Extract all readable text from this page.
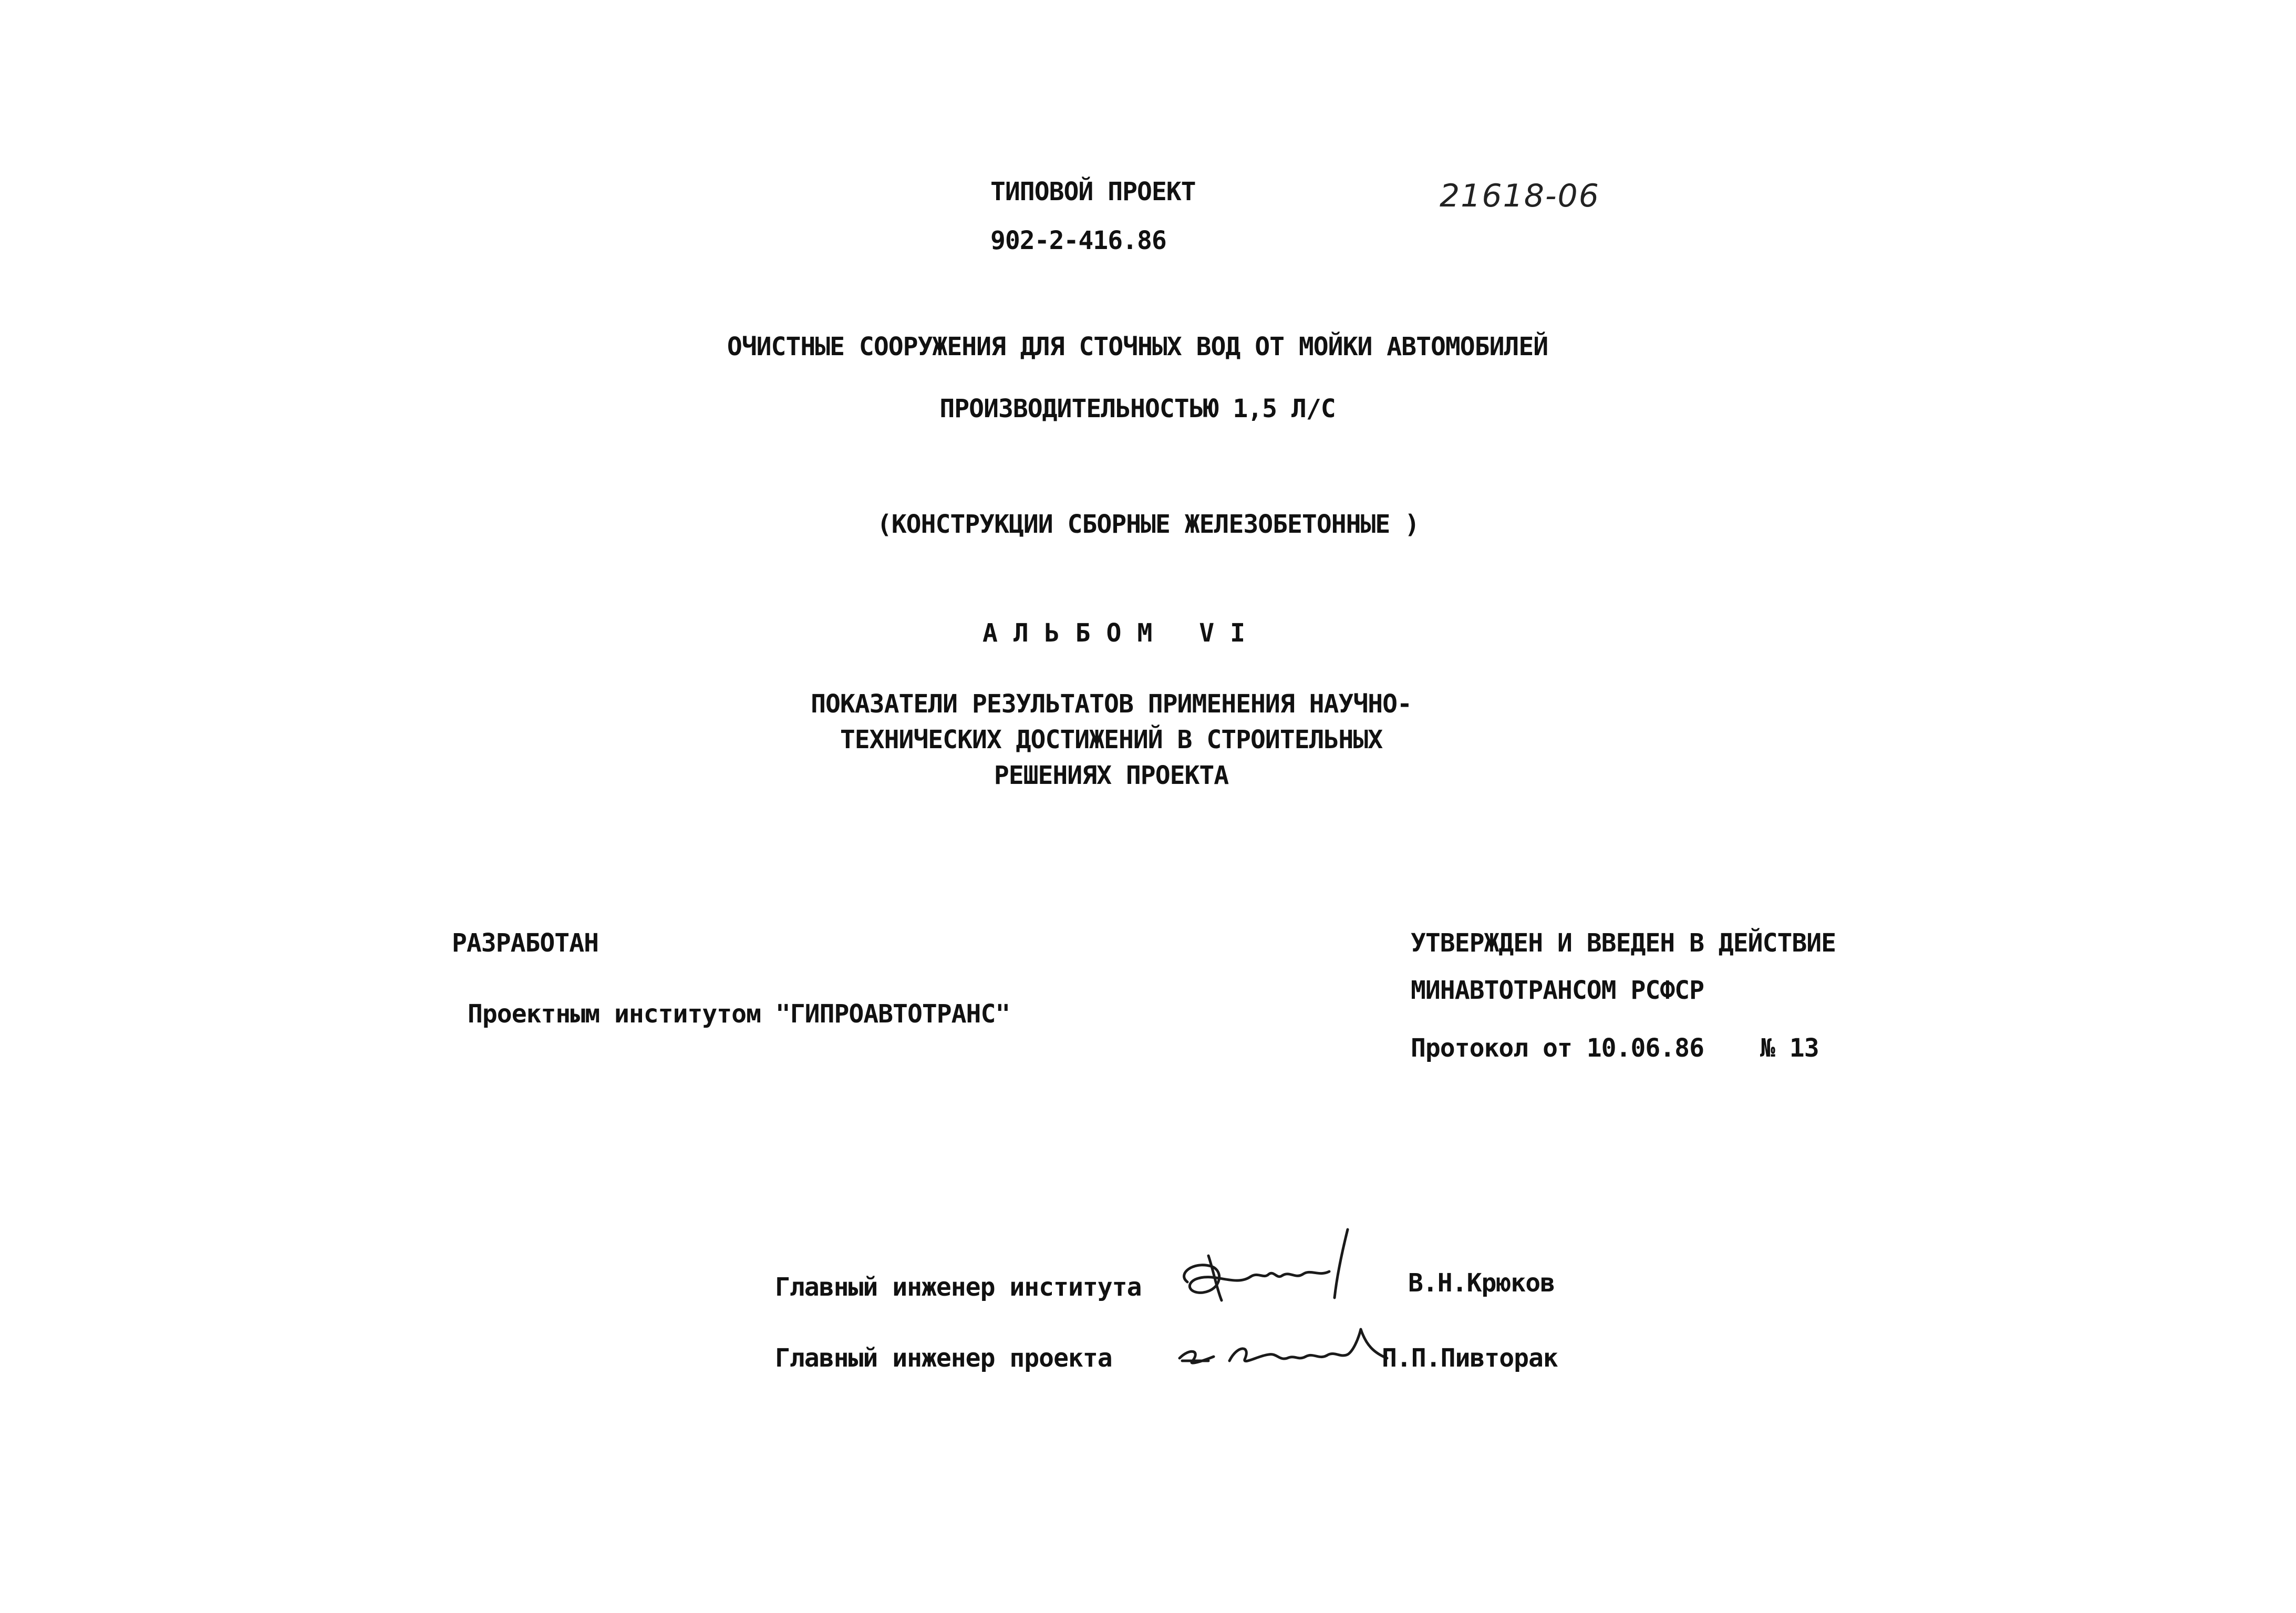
ТИПОВОЙ ПРОЕКТ
902-2-416.86
21618-06
ОЧИСТНЫЕ СООРУЖЕНИЯ ДЛЯ СТОЧНЫХ ВОД ОТ МОЙКИ АВТОМОБИЛЕЙ
ПРОИЗВОДИТЕЛЬНОСТЬЮ 1,5 Л/С
(КОНСТРУКЦИИ СБОРНЫЕ ЖЕЛЕЗОБЕТОННЫЕ )
АЛЬБОМ VI
ПОКАЗАТЕЛИ РЕЗУЛЬТАТОВ ПРИМЕНЕНИЯ НАУЧНО-
ТЕХНИЧЕСКИХ ДОСТИЖЕНИЙ В СТРОИТЕЛЬНЫХ
РЕШЕНИЯХ ПРОЕКТА
РАЗРАБОТАН
Проектным институтом "ГИПРОАВТОТРАНС"
УТВЕРЖДЕН И ВВЕДЕН В ДЕЙСТВИЕ
МИНАВТОТРАНСОМ РСФСР
Протокол от 10.06.86 № 13
Главный инженер института	В.Н.Крюков
Главный инженер проекта	П.П.Пивторак
